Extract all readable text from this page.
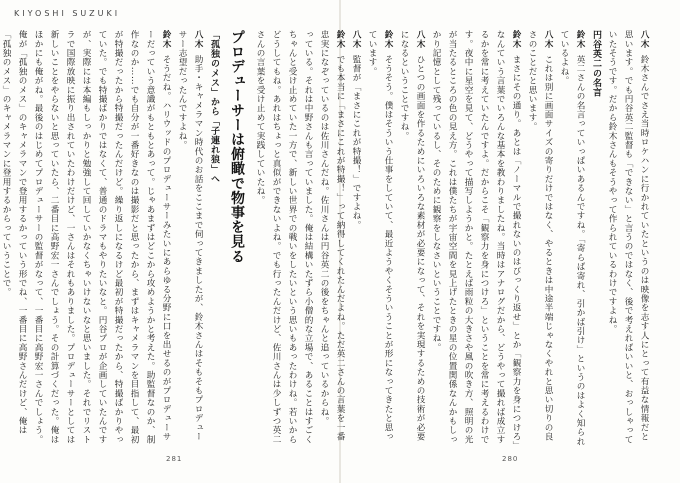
KIYOSHI SUZUKI

っている。それは中野さんも言っていました。俺は結構いたずら小僧的な立場で、あることはすごくちゃんと受け止めていた一方で、新しい世界での戦いをしたいという思いもあったわけね。若いからどうしてもね。あれはちょっと真似ができないよね。でも行ったんだけど、佐川さんは少しずつ英二さんの言葉を受け止めて実践していたね。

プロデューサーは俯瞰で物事を見る

「孤独のメス」から「子連れ狼」へ

八木 助手・キャメラマン時代のお話をここまで伺ってきましたが、鈴木さんはそもそもプロデューサー志望だったんですよね。

鈴木 そうだね。ハリウッドのプロデューサーみたいにあらゆる分野に口を出せるのがプロデューサーだっていう意識がもともとあって。じゃあまずはどこから攻めようかと考えた。助監督なのか、制作なのか……でも自分が一番好きなのは撮影だと思ったから、まずはキャメラマンを目指して、最初が特撮だったから特撮だったんだけど。繰り返しになるけど最初が特撮だったから、特撮ばかりやっていた。でも特撮ばかりではなくて、普通のドラマもやりたいなと。円谷プロが企画していたんですが、実際には本編もしっかりと勉強して回していかなくちゃいけないなと思いました。それでリストラで国際放映に振り出されていたわけだけど、一さんはそれもありました。プロデューサーとしては新しいことをやらないと思っていたら、二番目に高野宏一さんでしょう。その計算づくだった。俺はほかにも俺がね。最後のはじめてプロデューサーの監督がなって、一番目に高野宏一さんでしょう。俺が「孤独のメス」のキャメラマンで登用するかっていう形でね、一番目に高野さんだけど、俺は「孤独のメス」のキャメラマンに登用するからっていうことで。	八木 鈴木さんでさえ当時ロケハンに行かれていたというのは映像を志す人にとって有益な情報だと思います。でも円谷英二監督も「できない」と言うのではなく、後で考えればいいと、おっしゃっていたそうです。だから鈴木さんもそうやって作られているわけですよね。

円谷英二の名言

鈴木 英二さんの名言っていっぱいあるんですね。「寄らば寄れ、引かば引け」というのはよく知られているよね。

八木 これは別に画面サイズの寄りだけではなく、やるときは中途半端じゃなくやれと思い切りの良さのことだと思います。

鈴木 まさにその通り。あとは「ノーマルで撮れないのはびっくり返せ」とか「観察力を身につけろ」なんていう言葉でいろんな基本を教わりましたね。当時はアナログだから、どうやって撮れば成立するかを常に考えていたんですよ。だからこそ「観察力を身につけろ」ということを常に考えるわけです。夜中に星空を見て、どうやって描写しようかと。たとえば雨粒の大きさや風の吹き方、照明の光が当たるところの色の見え方。これは僕たちが宇宙空間を見上げたときの星の位置関係なんかもしっかり記憶として残っているし、そのために観察をしなさいということですね。

八木 ひとつの画面を作るためにいろいろな素材が必要になって、それを実現するための技術が必要になるということですね。

鈴木 そうそう。僕はそういう仕事をしていて、最近ようやくそういうことが形になってきたと思っています。

八木 監督が「まさにこれが特撮！」ですよね。

鈴木 でも本当に「まさにこれが特撮！」って納得してくれたんだよね。ただ英二さんの言葉を一番忠実になぞっているのは佐川さんだね。佐川さんは円谷英二の後をちゃんと追っているからね。

281	280
